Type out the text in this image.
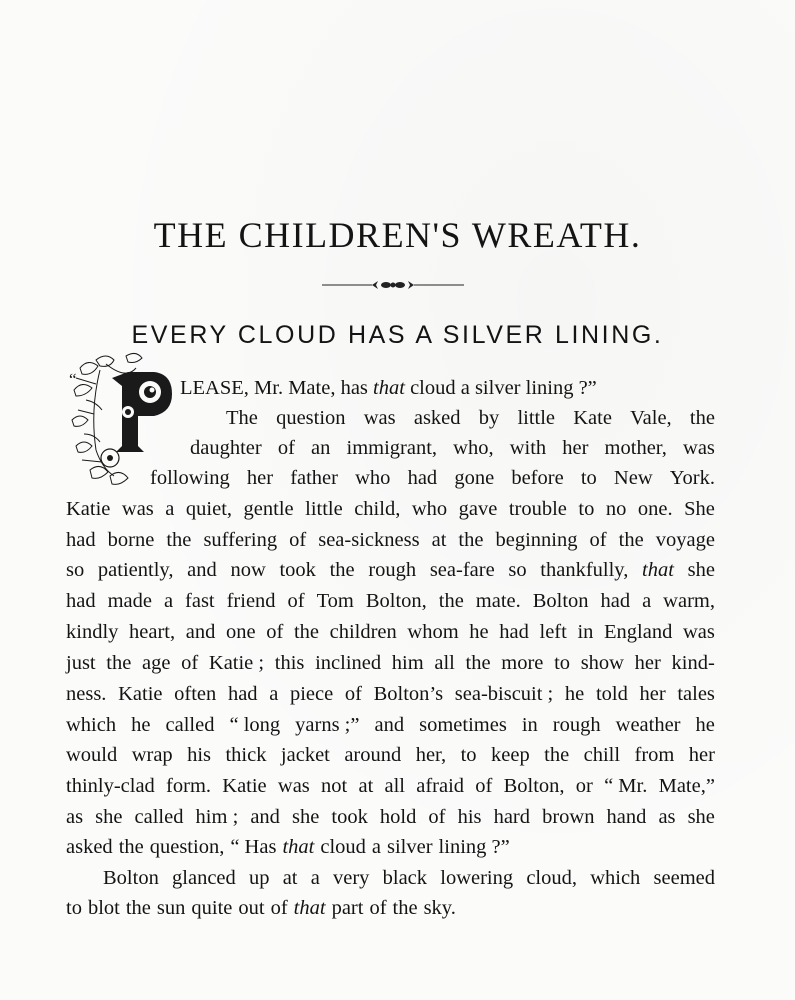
THE CHILDREN'S WREATH.
EVERY CLOUD HAS A SILVER LINING.
“	LEASE, Mr. Mate, has that cloud a silver lining ?”
The question was asked by little Kate Vale, the
daughter of an immigrant, who, with her mother, was
following her father who had gone before to New York.
Katie was a quiet, gentle little child, who gave trouble to no one. She
had borne the suffering of sea-sickness at the beginning of the voyage
so patiently, and now took the rough sea-fare so thankfully, that she
had made a fast friend of Tom Bolton, the mate. Bolton had a warm,
kindly heart, and one of the children whom he had left in England was
just the age of Katie ; this inclined him all the more to show her kind-
ness. Katie often had a piece of Bolton’s sea-biscuit ; he told her tales
which he called “ long yarns ;” and sometimes in rough weather he
would wrap his thick jacket around her, to keep the chill from her
thinly-clad form. Katie was not at all afraid of Bolton, or “ Mr. Mate,”
as she called him ; and she took hold of his hard brown hand as she
asked the question, “ Has that cloud a silver lining ?”
Bolton glanced up at a very black lowering cloud, which seemed
to blot the sun quite out of that part of the sky.
